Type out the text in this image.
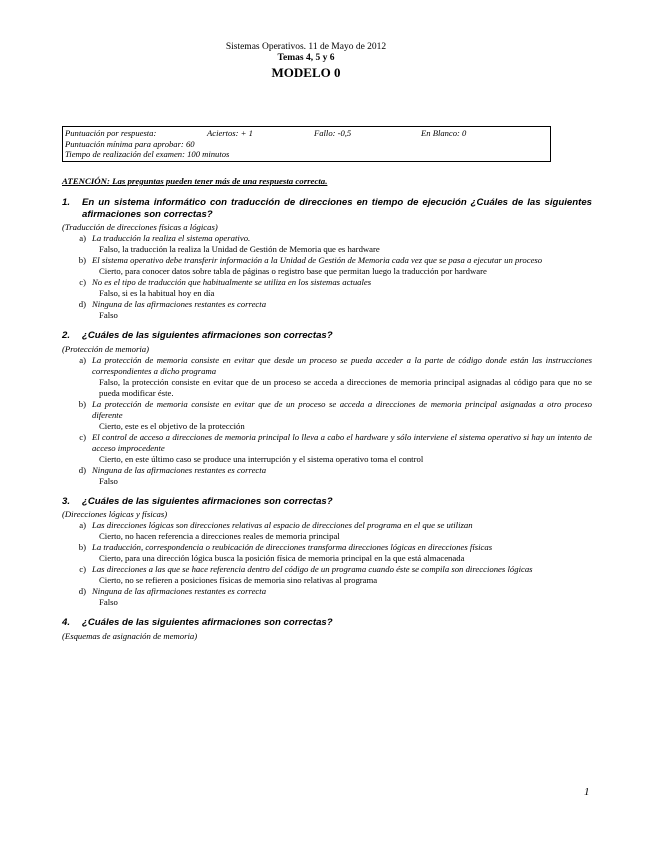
Sistemas Operativos. 11 de Mayo de 2012
Temas 4, 5 y 6
MODELO 0
Puntuación por respuesta:	Aciertos: + 1	Fallo: -0,5	En Blanco: 0
Puntuación mínima para aprobar: 60
Tiempo de realización del examen: 100 minutos
ATENCIÓN: Las preguntas pueden tener más de una respuesta correcta.
1.	En un sistema informático con traducción de direcciones en tiempo de ejecución ¿Cuáles de las siguientes afirmaciones son correctas?
(Traducción de direcciones físicas a lógicas)
a) La traducción la realiza el sistema operativo.
Falso, la traducción la realiza la Unidad de Gestión de Memoria que es hardware
b) El sistema operativo debe transferir información a la Unidad de Gestión de Memoria cada vez que se pasa a ejecutar un proceso
Cierto, para conocer datos sobre tabla de páginas o registro base que permitan luego la traducción por hardware
c) No es el tipo de traducción que habitualmente se utiliza en los sistemas actuales
Falso, si es la habitual hoy en día
d) Ninguna de las afirmaciones restantes es correcta
Falso
2.	¿Cuáles de las siguientes afirmaciones son correctas?
(Protección de memoria)
a) La protección de memoria consiste en evitar que desde un proceso se pueda acceder a la parte de código donde están las instrucciones correspondientes a dicho programa
Falso, la protección consiste en evitar que de un proceso se acceda a direcciones de memoria principal asignadas al código para que no se pueda modificar éste.
b) La protección de memoria consiste en evitar que de un proceso se acceda a direcciones de memoria principal asignadas a otro proceso diferente
Cierto, este es el objetivo de la protección
c) El control de acceso a direcciones de memoria principal lo lleva a cabo el hardware y sólo interviene el sistema operativo si hay un intento de acceso improcedente
Cierto, en este último caso se produce una interrupción y el sistema operativo toma el control
d) Ninguna de las afirmaciones restantes es correcta
Falso
3.	¿Cuáles de las siguientes afirmaciones son correctas?
(Direcciones lógicas y físicas)
a) Las direcciones lógicas son direcciones relativas al espacio de direcciones del programa en el que se utilizan
Cierto, no hacen referencia a direcciones reales de memoria principal
b) La traducción, correspondencia o reubicación de direcciones transforma direcciones lógicas en direcciones físicas
Cierto, para una dirección lógica busca la posición física de memoria principal en la que está almacenada
c) Las direcciones a las que se hace referencia dentro del código de un programa cuando éste se compila son direcciones lógicas
Cierto, no se refieren a posiciones físicas de memoria sino relativas al programa
d) Ninguna de las afirmaciones restantes es correcta
Falso
4.	¿Cuáles de las siguientes afirmaciones son correctas?
(Esquemas de asignación de memoria)
1
